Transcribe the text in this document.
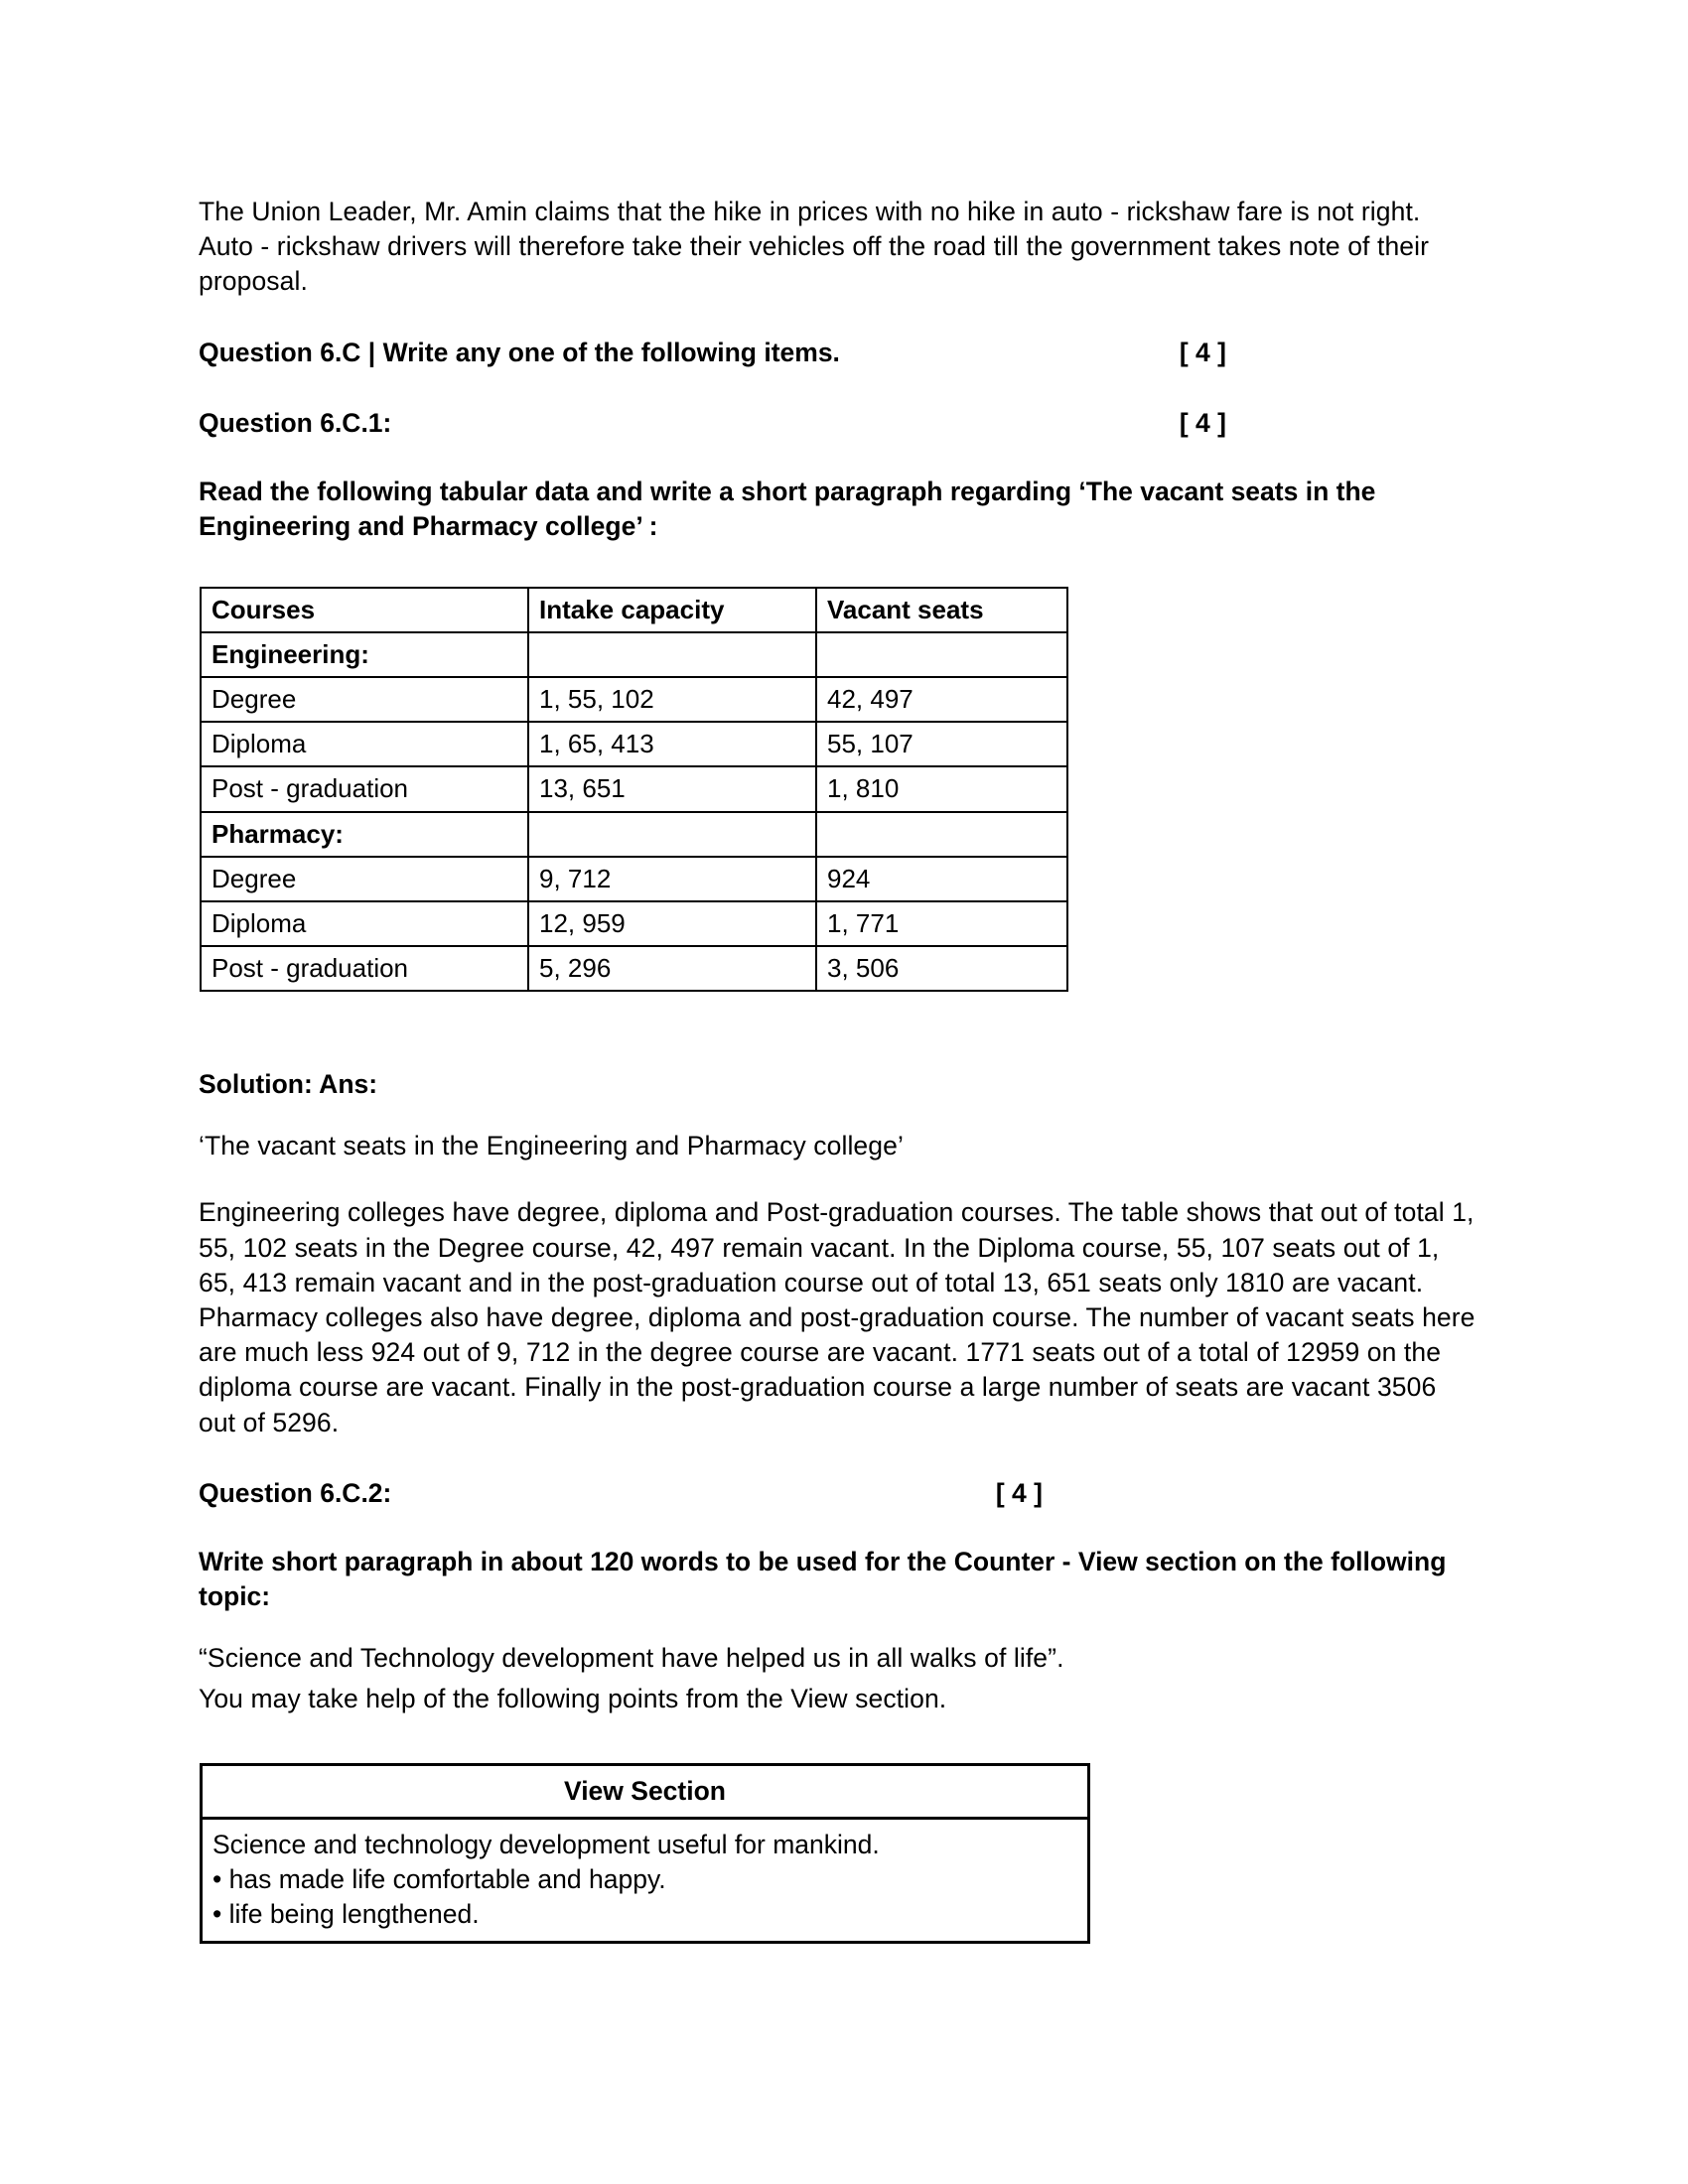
The Union Leader, Mr. Amin claims that the hike in prices with no hike in auto - rickshaw fare is not right. Auto - rickshaw drivers will therefore take their vehicles off the road till the government takes note of their proposal.

Question 6.C | Write any one of the following items.	[ 4 ]
Question 6.C.1:	[ 4 ]

Read the following tabular data and write a short paragraph regarding ‘The vacant seats in the Engineering and Pharmacy college’ :

Courses	Intake capacity	Vacant seats
Engineering:		
Degree	1, 55, 102	42, 497
Diploma	1, 65, 413	55, 107
Post - graduation	13, 651	1, 810
Pharmacy:		
Degree	9, 712	924
Diploma	12, 959	1, 771
Post - graduation	5, 296	3, 506

Solution: Ans:

‘The vacant seats in the Engineering and Pharmacy college’

Engineering colleges have degree, diploma and Post-graduation courses. The table shows that out of total 1, 55, 102 seats in the Degree course, 42, 497 remain vacant. In the Diploma course, 55, 107 seats out of 1, 65, 413 remain vacant and in the post-graduation course out of total 13, 651 seats only 1810 are vacant. Pharmacy colleges also have degree, diploma and post-graduation course. The number of vacant seats here are much less 924 out of 9, 712 in the degree course are vacant. 1771 seats out of a total of 12959 on the diploma course are vacant. Finally in the post-graduation course a large number of seats are vacant 3506 out of 5296.

Question 6.C.2:	[ 4 ]

Write short paragraph in about 120 words to be used for the Counter - View section on the following topic:

“Science and Technology development have helped us in all walks of life”.

You may take help of the following points from the View section.

View Section

Science and technology development useful for mankind.
• has made life comfortable and happy.
• life being lengthened.
